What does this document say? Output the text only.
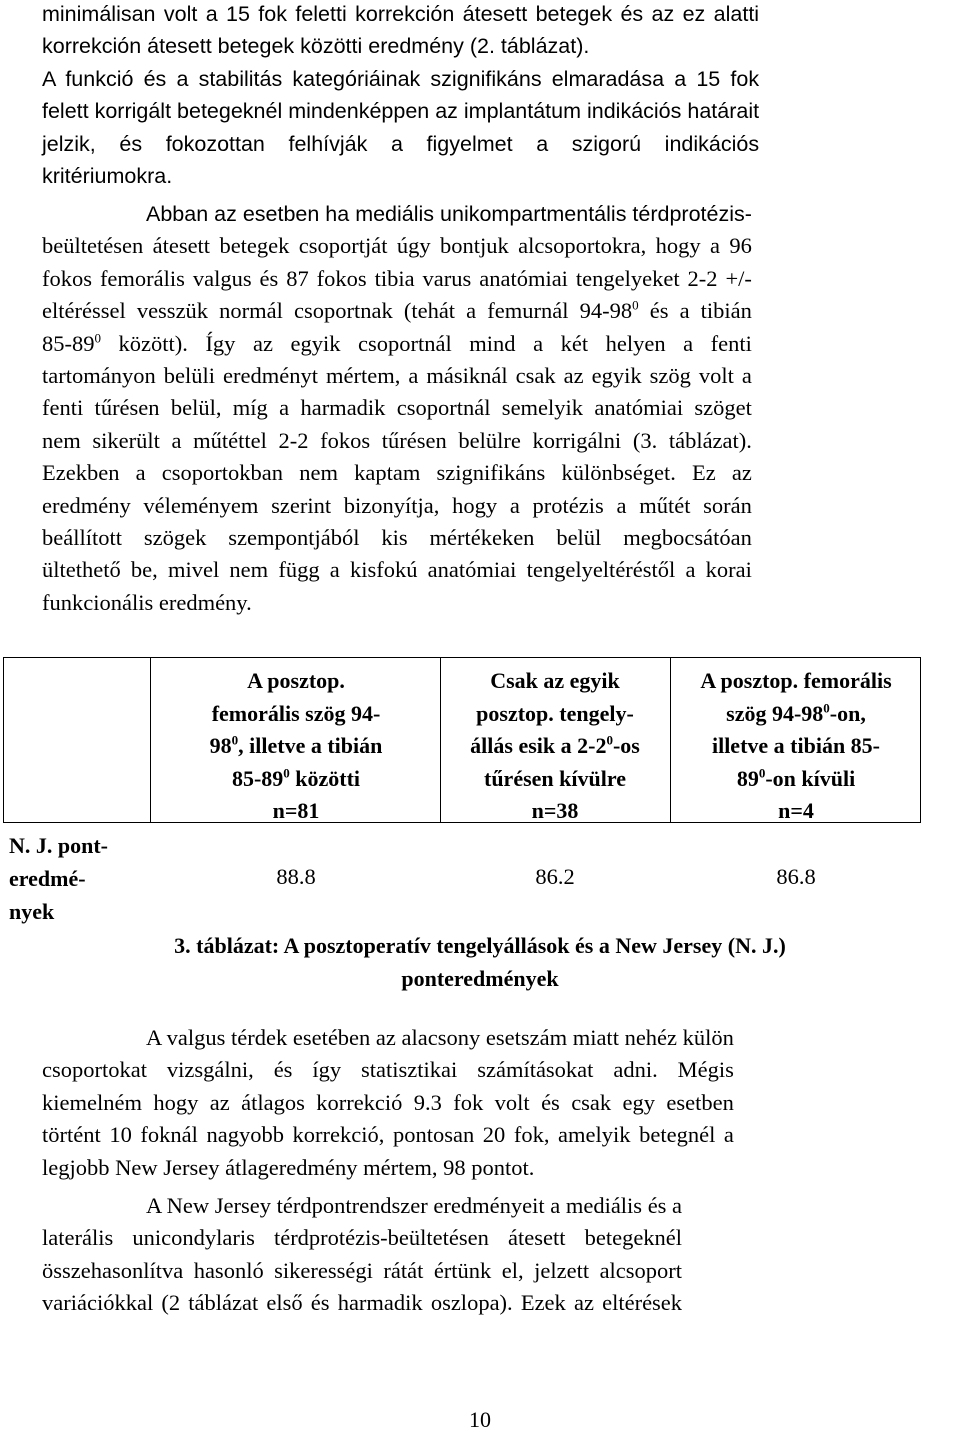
minimálisan volt a 15 fok feletti korrekción átesett betegek és az ez alatti
korrekción átesett betegek közötti eredmény (2. táblázat).
A funkció és a stabilitás kategóriáinak szignifikáns elmaradása a 15 fok
felett korrigált betegeknél mindenképpen az implantátum indikációs határait
jelzik, és fokozottan felhívják a figyelmet a szigorú indikációs
kritériumokra.
Abban az esetben ha mediális unikompartmentális térdprotézis-
beültetésen átesett betegek csoportját úgy bontjuk alcsoportokra, hogy a 96
fokos femorális valgus és 87 fokos tibia varus anatómiai tengelyeket 2-2 +/-
eltéréssel vesszük normál csoportnak (tehát a femurnál $94-98^0$ és a tibián
$85-89^0$ között). Így az egyik csoportnál mind a két helyen a fenti
tartományon belüli eredményt mértem, a másiknál csak az egyik szög volt a
fenti tűrésen belül, míg a harmadik csoportnál semelyik anatómiai szöget
nem sikerült a műtéttel 2-2 fokos tűrésen belülre korrigálni (3. táblázat).
Ezekben a csoportokban nem kaptam szignifikáns különbséget. Ez az
eredmény véleményem szerint bizonyítja, hogy a protézis a műtét során
beállított szögek szempontjából kis mértékeken belül megbocsátóan
ültethető be, mivel nem függ a kisfokú anatómiai tengelyeltéréstől a korai
funkcionális eredmény.
A posztop.
femorális szög 94-
$98^0$, illetve a tibián
$85-89^0$ közötti
n=81
Csak az egyik
posztop. tengely-
állás esik a $2-2^0-os$
tűrésen kívülre
n=38
A posztop. femorális
szög $94-98^0-on$,
illetve a tibián 85-
$89^0-on$ kívüli
n=4
N. J. pont-
eredmé-
nyek
88.8	86.2	86.8
3. táblázat: A posztoperatív tengelyállások és a New Jersey (N. J.)
ponteredmények
A valgus térdek esetében az alacsony esetszám miatt nehéz külön
csoportokat vizsgálni, és így statisztikai számításokat adni. Mégis
kiemelném hogy az átlagos korrekció 9.3 fok volt és csak egy esetben
történt 10 foknál nagyobb korrekció, pontosan 20 fok, amelyik betegnél a
legjobb New Jersey átlageredmény mértem, 98 pontot.
A New Jersey térdpontrendszer eredményeit a mediális és a
laterális unicondylaris térdprotézis-beültetésen átesett betegeknél
összehasonlítva hasonló sikerességi rátát értünk el, jelzett alcsoport
variációkkal (2 táblázat első és harmadik oszlopa). Ezek az eltérések
10
